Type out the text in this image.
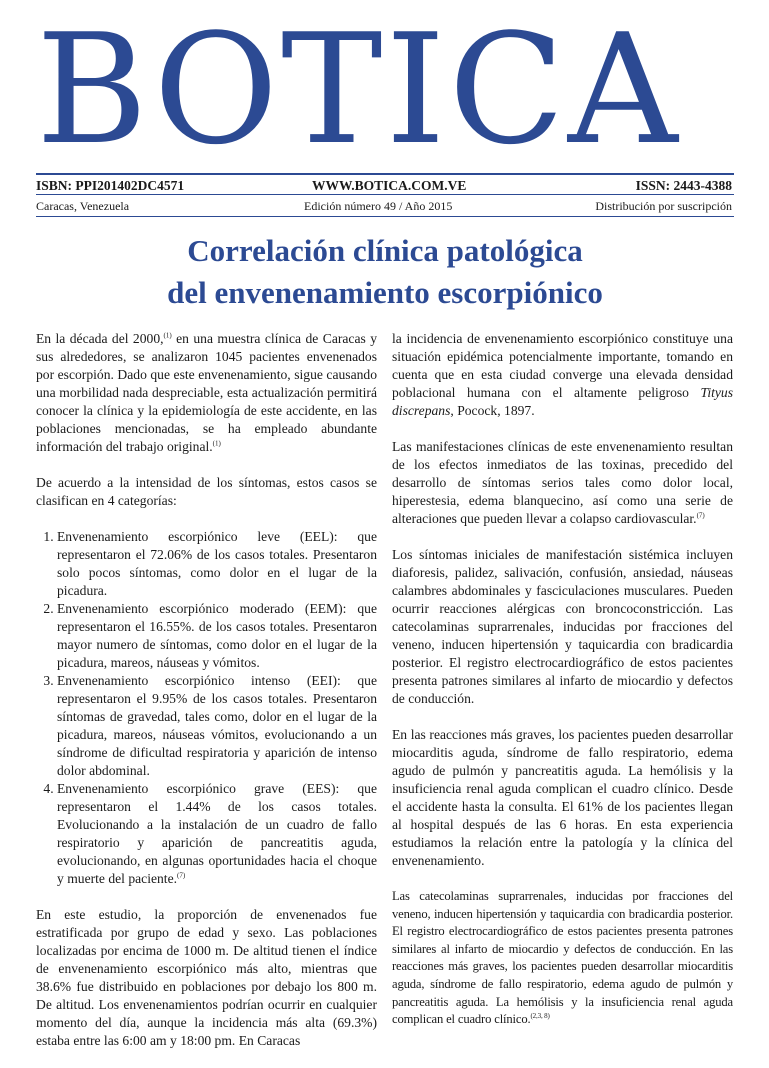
BOTICA
ISBN: PPI201402DC4571	WWW.BOTICA.COM.VE	ISSN: 2443-4388
Caracas, Venezuela	Edición número 49 / Año 2015	Distribución por suscripción
Correlación clínica patológica
del envenenamiento escorpiónico

En la década del 2000,$^{(1)}$ en una muestra clínica de Caracas y sus alrededores, se analizaron 1045 pacientes envenenados por escorpión. Dado que este envenenamiento, sigue causando una morbilidad nada despreciable, esta actualización permitirá conocer la clínica y la epidemiología de este accidente, en las poblaciones mencionadas, se ha empleado abundante información del trabajo original.$^{(1)}$

De acuerdo a la intensidad de los síntomas, estos casos se clasifican en 4 categorías:

1. Envenenamiento escorpiónico leve (EEL): que representaron el 72.06% de los casos totales. Presentaron solo pocos síntomas, como dolor en el lugar de la picadura.
2. Envenenamiento escorpiónico moderado (EEM): que representaron el 16.55%. de los casos totales. Presentaron mayor numero de síntomas, como dolor en el lugar de la picadura, mareos, náuseas y vómitos.
3. Envenenamiento escorpiónico intenso (EEI): que representaron el 9.95% de los casos totales. Presentaron síntomas de gravedad, tales como, dolor en el lugar de la picadura, mareos, náuseas vómitos, evolucionando a un síndrome de dificultad respiratoria y aparición de intenso dolor abdominal.
4. Envenenamiento escorpiónico grave (EES): que representaron el 1.44% de los casos totales. Evolucionando a la instalación de un cuadro de fallo respiratorio y aparición de pancreatitis aguda, evolucionando, en algunas oportunidades hacia el choque y muerte del paciente.$^{(7)}$

En este estudio, la proporción de envenenados fue estratificada por grupo de edad y sexo. Las poblaciones localizadas por encima de 1000 m. De altitud tienen el índice de envenenamiento escorpiónico más alto, mientras que 38.6% fue distribuido en poblaciones por debajo los 800 m. De altitud. Los envenenamientos podrían ocurrir en cualquier momento del día, aunque la incidencia más alta (69.3%) estaba entre las 6:00 am y 18:00 pm. En Caracas

la incidencia de envenenamiento escorpiónico constituye una situación epidémica potencialmente importante, tomando en cuenta que en esta ciudad converge una elevada densidad poblacional humana con el altamente peligroso Tityus discrepans, Pocock, 1897.

Las manifestaciones clínicas de este envenenamiento resultan de los efectos inmediatos de las toxinas, precedido del desarrollo de síntomas serios tales como dolor local, hiperestesia, edema blanquecino, así como una serie de alteraciones que pueden llevar a colapso cardiovascular.$^{(7)}$

Los síntomas iniciales de manifestación sistémica incluyen diaforesis, palidez, salivación, confusión, ansiedad, náuseas calambres abdominales y fasciculaciones musculares. Pueden ocurrir reacciones alérgicas con broncoconstricción. Las catecolaminas suprarrenales, inducidas por fracciones del veneno, inducen hipertensión y taquicardia con bradicardia posterior. El registro electrocardiográfico de estos pacientes presenta patrones similares al infarto de miocardio y defectos de conducción.

En las reacciones más graves, los pacientes pueden desarrollar miocarditis aguda, síndrome de fallo respiratorio, edema agudo de pulmón y pancreatitis aguda. La hemólisis y la insuficiencia renal aguda complican el cuadro clínico. Desde el accidente hasta la consulta. El 61% de los pacientes llegan al hospital después de las 6 horas. En esta experiencia estudiamos la relación entre la patología y la clínica del envenenamiento.

Las catecolaminas suprarrenales, inducidas por fracciones del veneno, inducen hipertensión y taquicardia con bradicardia posterior. El registro electrocardiográfico de estos pacientes presenta patrones similares al infarto de miocardio y defectos de conducción. En las reacciones más graves, los pacientes pueden desarrollar miocarditis aguda, síndrome de fallo respiratorio, edema agudo de pulmón y pancreatitis aguda. La hemólisis y la insuficiencia renal aguda complican el cuadro clínico.$^{(2,3, 8)}$
